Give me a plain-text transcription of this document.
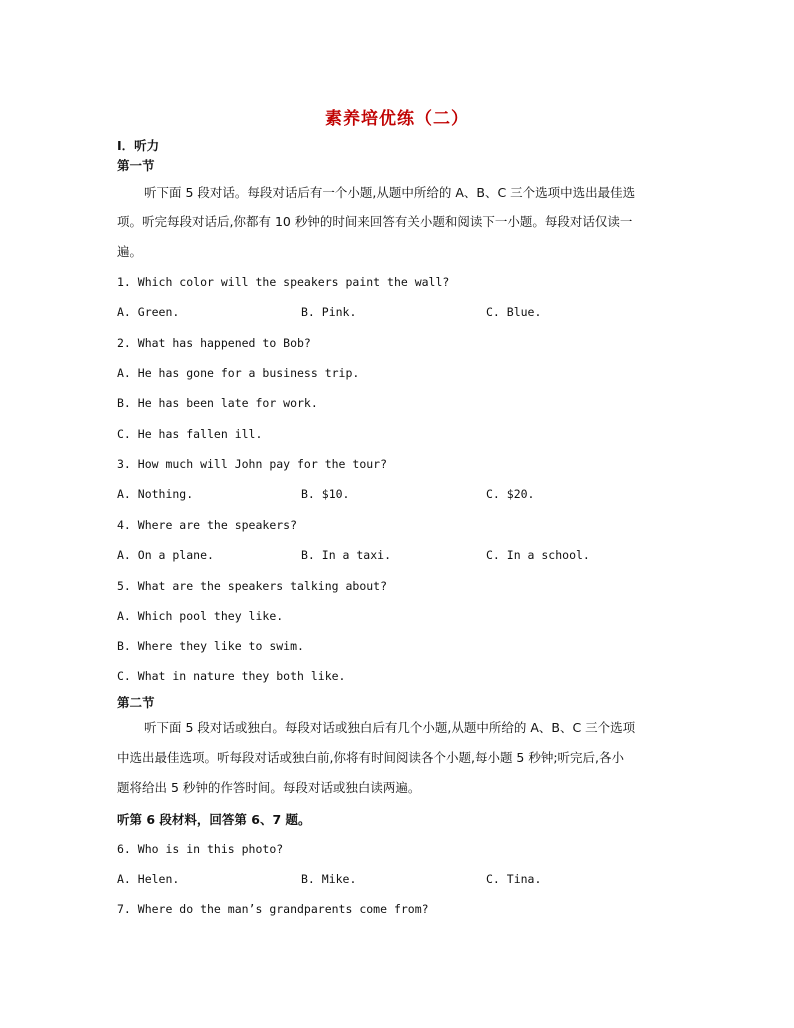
素养培优练（二）
Ⅰ．听力
第一节
听下面 5 段对话。每段对话后有一个小题,从题中所给的 A、B、C 三个选项中选出最佳选
项。听完每段对话后,你都有 10 秒钟的时间来回答有关小题和阅读下一小题。每段对话仅读一
遍。
1. Which color will the speakers paint the wall?
A. Green.	B. Pink.	C. Blue.
2. What has happened to Bob?
A. He has gone for a business trip.
B. He has been late for work.
C. He has fallen ill.
3. How much will John pay for the tour?
A. Nothing.	B. $10.	C. $20.
4. Where are the speakers?
A. On a plane.	B. In a taxi.	C. In a school.
5. What are the speakers talking about?
A. Which pool they like.
B. Where they like to swim.
C. What in nature they both like.
第二节
听下面 5 段对话或独白。每段对话或独白后有几个小题,从题中所给的 A、B、C 三个选项
中选出最佳选项。听每段对话或独白前,你将有时间阅读各个小题,每小题 5 秒钟;听完后,各小
题将给出 5 秒钟的作答时间。每段对话或独白读两遍。
听第 6 段材料，回答第 6、7 题。
6. Who is in this photo?
A. Helen.	B. Mike.	C. Tina.
7. Where do the man’s grandparents come from?
